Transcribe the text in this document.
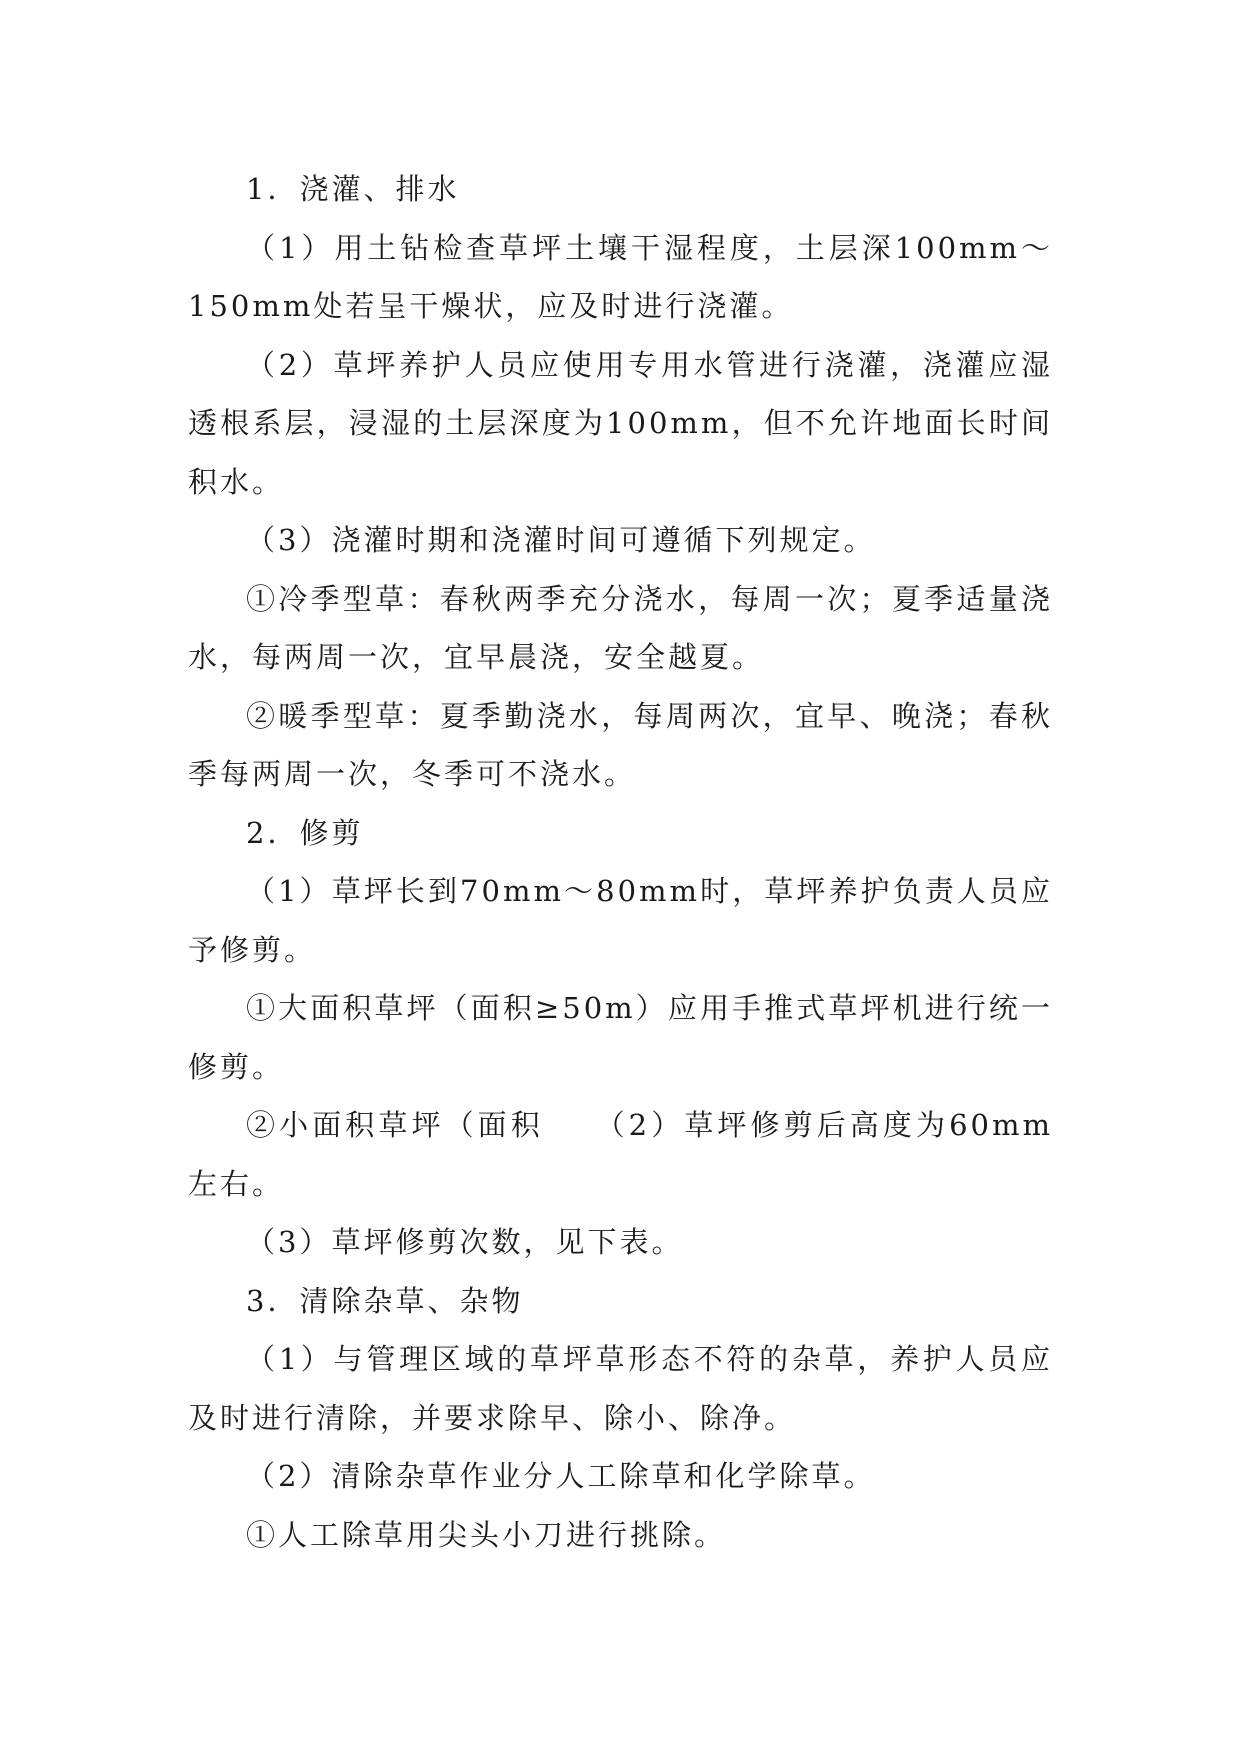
1．浇灌、排水

（1）用土钻检查草坪土壤干湿程度，土层深100mm～150mm处若呈干燥状，应及时进行浇灌。

（2）草坪养护人员应使用专用水管进行浇灌，浇灌应湿透根系层，浸湿的土层深度为100mm，但不允许地面长时间积水。

（3）浇灌时期和浇灌时间可遵循下列规定。

①冷季型草：春秋两季充分浇水，每周一次；夏季适量浇水，每两周一次，宜早晨浇，安全越夏。

②暖季型草：夏季勤浇水，每周两次，宜早、晚浇；春秋季每两周一次，冬季可不浇水。

2．修剪

（1）草坪长到70mm～80mm时，草坪养护负责人员应予修剪。

①大面积草坪（面积≥50m）应用手推式草坪机进行统一修剪。

②小面积草坪（面积　　（2）草坪修剪后高度为60mm左右。

（3）草坪修剪次数，见下表。

3．清除杂草、杂物

（1）与管理区域的草坪草形态不符的杂草，养护人员应及时进行清除，并要求除早、除小、除净。

（2）清除杂草作业分人工除草和化学除草。

①人工除草用尖头小刀进行挑除。
